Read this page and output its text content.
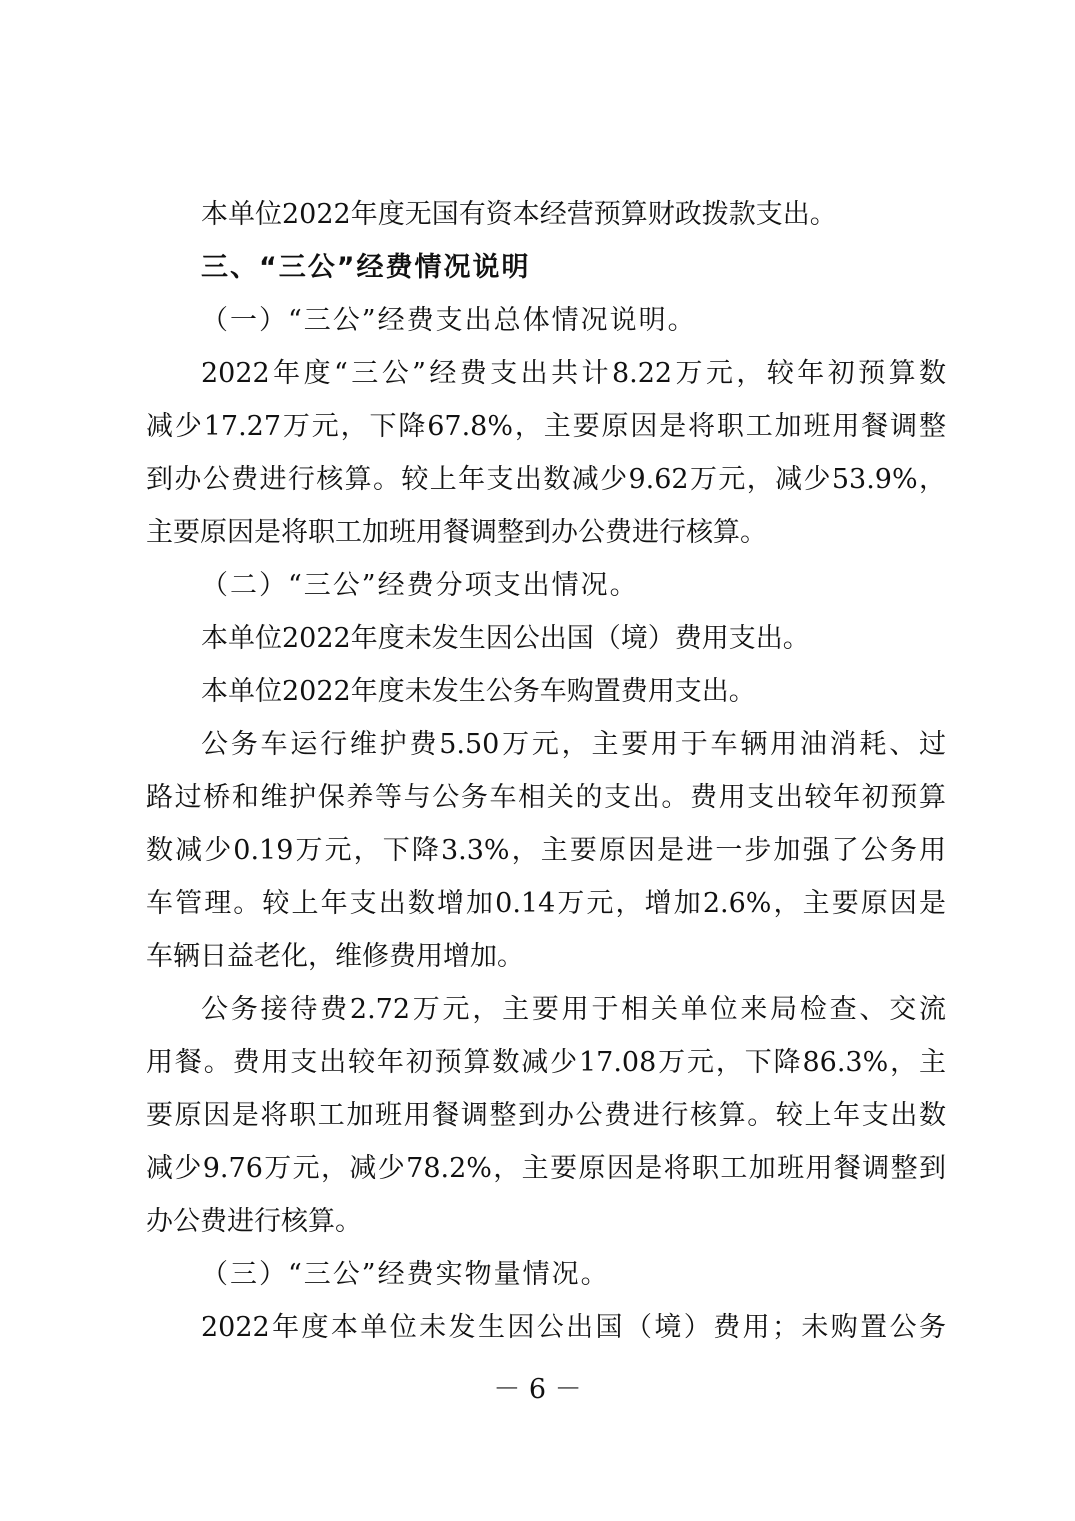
本单位2022年度无国有资本经营预算财政拨款支出。
三、“三公”经费情况说明
（一）“三公”经费支出总体情况说明。
2022年度“三公”经费支出共计8.22万元，较年初预算数
减少17.27万元，下降67.8%，主要原因是将职工加班用餐调整
到办公费进行核算。较上年支出数减少9.62万元，减少53.9%，
主要原因是将职工加班用餐调整到办公费进行核算。
（二）“三公”经费分项支出情况。
本单位2022年度未发生因公出国（境）费用支出。
本单位2022年度未发生公务车购置费用支出。
公务车运行维护费5.50万元，主要用于车辆用油消耗、过
路过桥和维护保养等与公务车相关的支出。费用支出较年初预算
数减少0.19万元，下降3.3%，主要原因是进一步加强了公务用
车管理。较上年支出数增加0.14万元，增加2.6%，主要原因是
车辆日益老化，维修费用增加。
公务接待费2.72万元，主要用于相关单位来局检查、交流
用餐。费用支出较年初预算数减少17.08万元，下降86.3%，主
要原因是将职工加班用餐调整到办公费进行核算。较上年支出数
减少9.76万元，减少78.2%，主要原因是将职工加班用餐调整到
办公费进行核算。
（三）“三公”经费实物量情况。
2022年度本单位未发生因公出国（境）费用；未购置公务
－ 6 －
